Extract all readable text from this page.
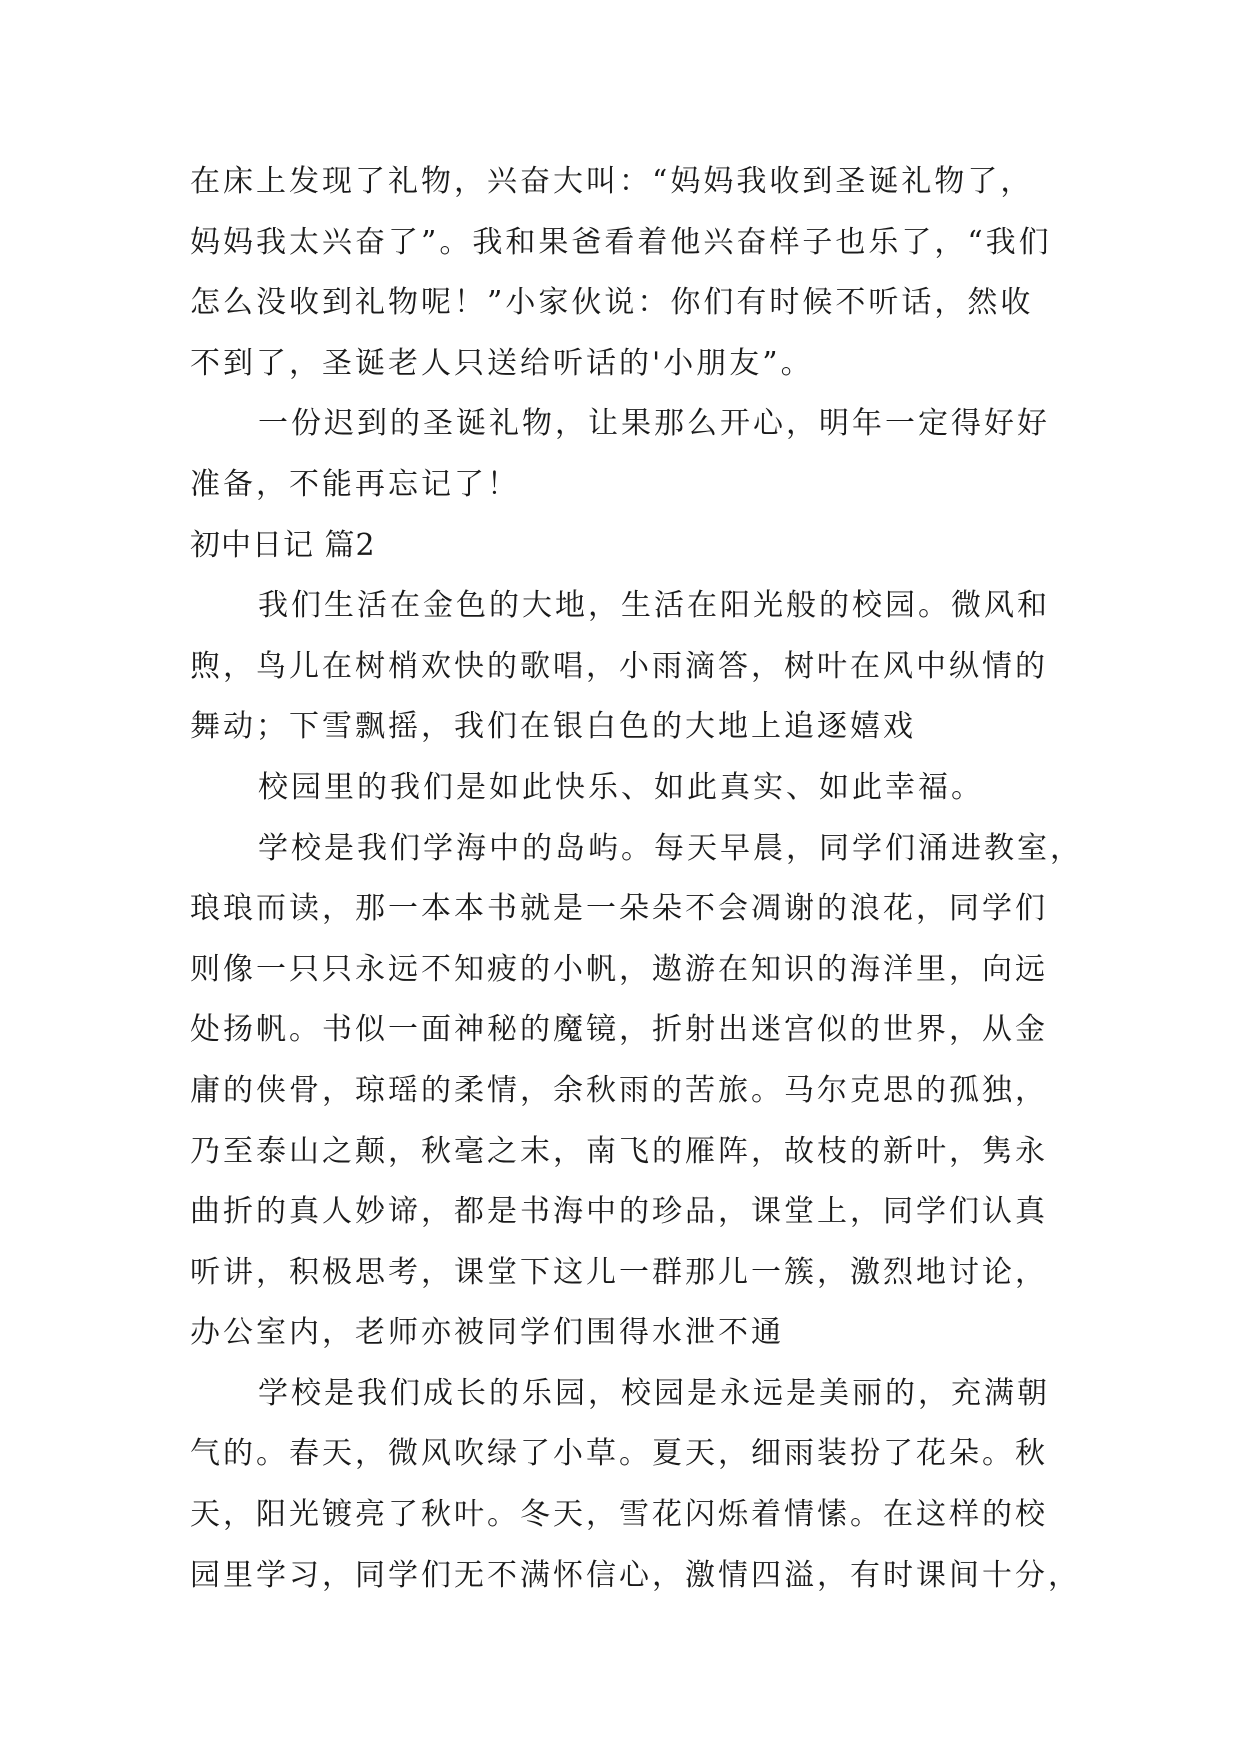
在床上发现了礼物，兴奋大叫：“妈妈我收到圣诞礼物了，
妈妈我太兴奋了”。我和果爸看着他兴奋样子也乐了，“我们
怎么没收到礼物呢！”小家伙说：你们有时候不听话，然收
不到了，圣诞老人只送给听话的'小朋友”。
一份迟到的圣诞礼物，让果那么开心，明年一定得好好
准备，不能再忘记了！
初中日记 篇2
我们生活在金色的大地，生活在阳光般的校园。微风和
煦，鸟儿在树梢欢快的歌唱，小雨滴答，树叶在风中纵情的
舞动；下雪飘摇，我们在银白色的大地上追逐嬉戏
校园里的我们是如此快乐、如此真实、如此幸福。
学校是我们学海中的岛屿。每天早晨，同学们涌进教室，
琅琅而读，那一本本书就是一朵朵不会凋谢的浪花，同学们
则像一只只永远不知疲的小帆，遨游在知识的海洋里，向远
处扬帆。书似一面神秘的魔镜，折射出迷宫似的世界，从金
庸的侠骨，琼瑶的柔情，余秋雨的苦旅。马尔克思的孤独，
乃至泰山之颠，秋毫之末，南飞的雁阵，故枝的新叶，隽永
曲折的真人妙谛，都是书海中的珍品，课堂上，同学们认真
听讲，积极思考，课堂下这儿一群那儿一簇，激烈地讨论，
办公室内，老师亦被同学们围得水泄不通
学校是我们成长的乐园，校园是永远是美丽的，充满朝
气的。春天，微风吹绿了小草。夏天，细雨装扮了花朵。秋
天，阳光镀亮了秋叶。冬天，雪花闪烁着情愫。在这样的校
园里学习，同学们无不满怀信心，激情四溢，有时课间十分，
